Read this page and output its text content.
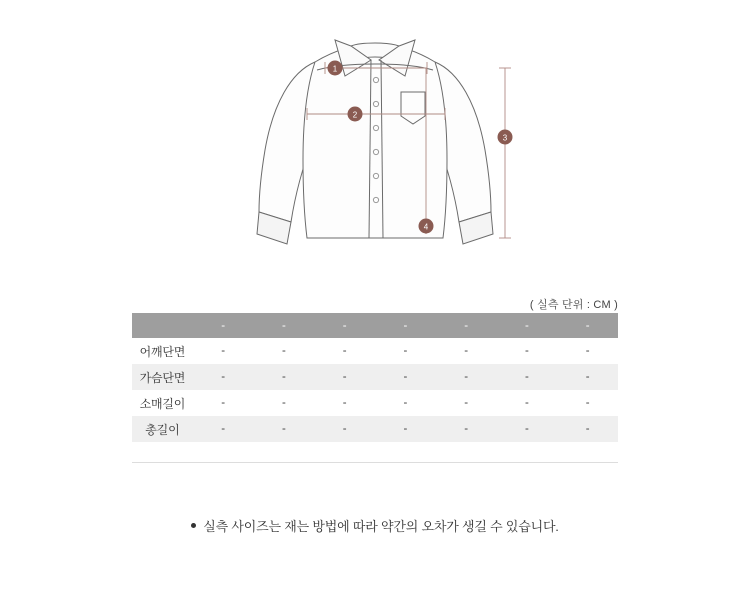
1
2
3
4
( 실측 단위 : CM )
	-	-	-	-	-	-	-
어깨단면	-	-	-	-	-	-	-
가슴단면	-	-	-	-	-	-	-
소매길이	-	-	-	-	-	-	-
총길이	-	-	-	-	-	-	-
실측 사이즈는 재는 방법에 따라 약간의 오차가 생길 수 있습니다.
